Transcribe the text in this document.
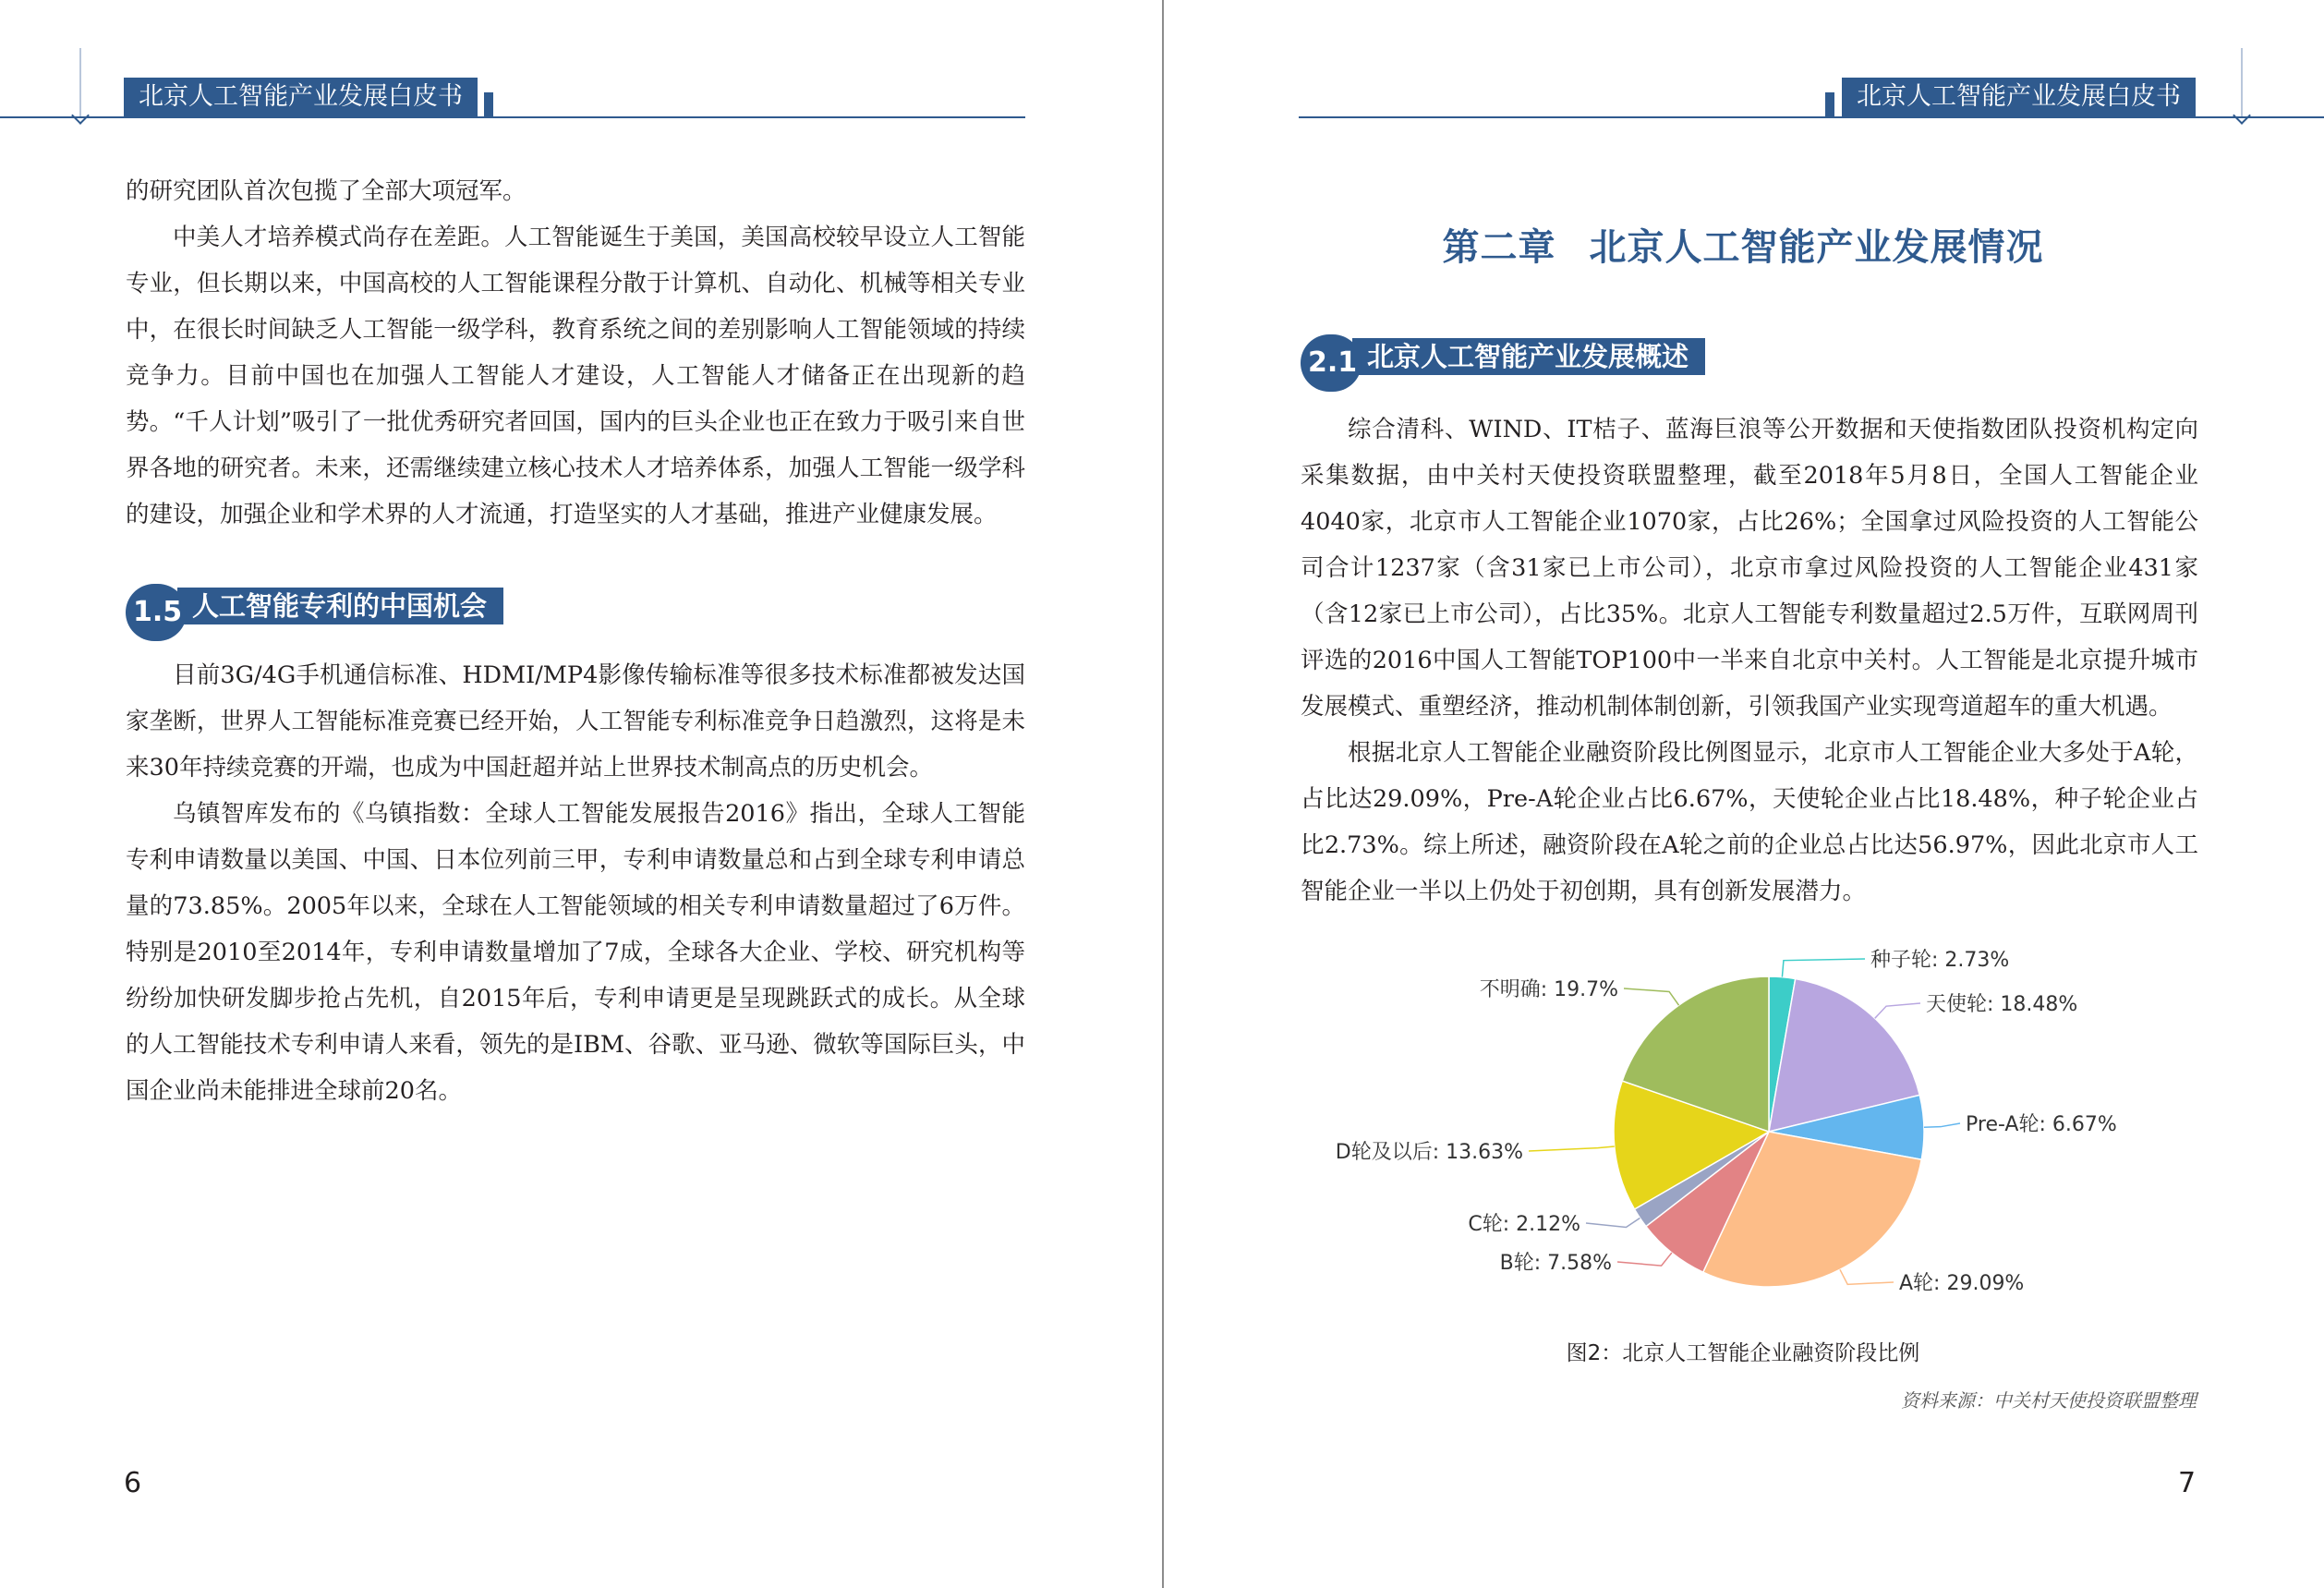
北京人工智能产业发展白皮书

的研究团队首次包揽了全部大项冠军。

中美人才培养模式尚存在差距。人工智能诞生于美国，美国高校较早设立人工智能专业，但长期以来，中国高校的人工智能课程分散于计算机、自动化、机械等相关专业中，在很长时间缺乏人工智能一级学科，教育系统之间的差别影响人工智能领域的持续竞争力。目前中国也在加强人工智能人才建设，人工智能人才储备正在出现新的趋势。“千人计划”吸引了一批优秀研究者回国，国内的巨头企业也正在致力于吸引来自世界各地的研究者。未来，还需继续建立核心技术人才培养体系，加强人工智能一级学科的建设，加强企业和学术界的人才流通，打造坚实的人才基础，推进产业健康发展。

人工智能专利的中国机会
1.5

目前3G/4G手机通信标准、HDMI/MP4影像传输标准等很多技术标准都被发达国家垄断，世界人工智能标准竞赛已经开始，人工智能专利标准竞争日趋激烈，这将是未来30年持续竞赛的开端，也成为中国赶超并站上世界技术制高点的历史机会。

乌镇智库发布的《乌镇指数：全球人工智能发展报告2016》指出，全球人工智能专利申请数量以美国、中国、日本位列前三甲，专利申请数量总和占到全球专利申请总量的73.85%。2005年以来，全球在人工智能领域的相关专利申请数量超过了6万件。特别是2010至2014年，专利申请数量增加了7成，全球各大企业、学校、研究机构等纷纷加快研发脚步抢占先机，自2015年后，专利申请更是呈现跳跃式的成长。从全球的人工智能技术专利申请人来看，领先的是IBM、谷歌、亚马逊、微软等国际巨头，中国企业尚未能排进全球前20名。

6
北京人工智能产业发展白皮书
第二章 北京人工智能产业发展情况
北京人工智能产业发展概述
2.1

综合清科、WIND、IT桔子、蓝海巨浪等公开数据和天使指数团队投资机构定向采集数据，由中关村天使投资联盟整理，截至2018年5月8日，全国人工智能企业4040家，北京市人工智能企业1070家，占比26%；全国拿过风险投资的人工智能公司合计1237家（含31家已上市公司），北京市拿过风险投资的人工智能企业431家（含12家已上市公司），占比35%。北京人工智能专利数量超过2.5万件，互联网周刊评选的2016中国人工智能TOP100中一半来自北京中关村。人工智能是北京提升城市发展模式、重塑经济，推动机制体制创新，引领我国产业实现弯道超车的重大机遇。

根据北京人工智能企业融资阶段比例图显示，北京市人工智能企业大多处于A轮，占比达29.09%，Pre-A轮企业占比6.67%，天使轮企业占比18.48%，种子轮企业占比2.73%。综上所述，融资阶段在A轮之前的企业总占比达56.97%，因此北京市人工智能企业一半以上仍处于初创期，具有创新发展潜力。

种子轮: 2.73%
天使轮: 18.48%
Pre-A轮: 6.67%
A轮: 29.09%
B轮: 7.58%
C轮: 2.12%
D轮及以后: 13.63%
不明确: 19.7%
图2：北京人工智能企业融资阶段比例
资料来源：中关村天使投资联盟整理
7
